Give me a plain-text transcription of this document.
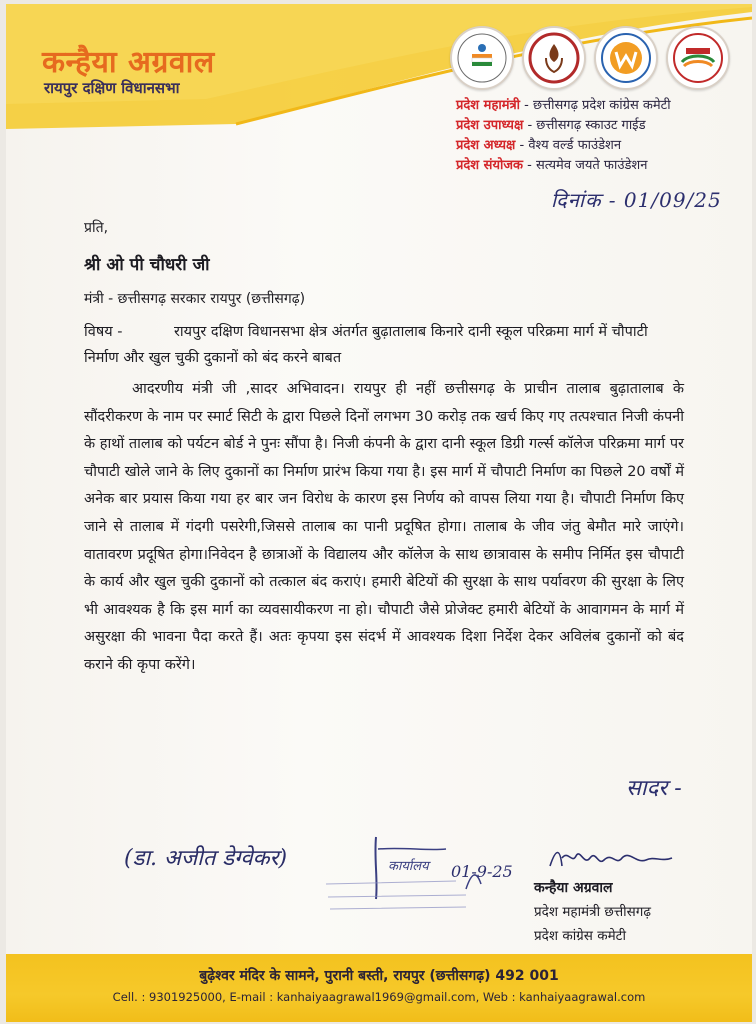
कन्हैया अग्रवाल
रायपुर दक्षिण विधानसभा
प्रदेश महामंत्री - छत्तीसगढ़ प्रदेश कांग्रेस कमेटी
प्रदेश उपाध्यक्ष - छत्तीसगढ़ स्काउट गाईड
प्रदेश अध्यक्ष - वैश्य वर्ल्ड फाउंडेशन
प्रदेश संयोजक - सत्यमेव जयते फाउंडेशन
दिनांक - 01/09/25
प्रति,
श्री ओ पी चौधरी जी
मंत्री - छत्तीसगढ़ सरकार रायपुर (छत्तीसगढ़)
विषय -	रायपुर दक्षिण विधानसभा क्षेत्र अंतर्गत बुढ़ातालाब किनारे दानी स्कूल परिक्रमा मार्ग में चौपाटी निर्माण और खुल चुकी दुकानों को बंद करने बाबत
आदरणीय मंत्री जी ,सादर अभिवादन। रायपुर ही नहीं छत्तीसगढ़ के प्राचीन तालाब बुढ़ातालाब के सौंदरीकरण के नाम पर स्मार्ट सिटी के द्वारा पिछले दिनों लगभग 30 करोड़ तक खर्च किए गए तत्पश्चात निजी कंपनी के हाथों तालाब को पर्यटन बोर्ड ने पुनः सौंपा है। निजी कंपनी के द्वारा दानी स्कूल डिग्री गर्ल्स कॉलेज परिक्रमा मार्ग पर चौपाटी खोले जाने के लिए दुकानों का निर्माण प्रारंभ किया गया है। इस मार्ग में चौपाटी निर्माण का पिछले 20 वर्षों में अनेक बार प्रयास किया गया हर बार जन विरोध के कारण इस निर्णय को वापस लिया गया है। चौपाटी निर्माण किए जाने से तालाब में गंदगी पसरेगी,जिससे तालाब का पानी प्रदूषित होगा। तालाब के जीव जंतु बेमौत मारे जाएंगे। वातावरण प्रदूषित होगा।निवेदन है छात्राओं के विद्यालय और कॉलेज के साथ छात्रावास के समीप निर्मित इस चौपाटी के कार्य और खुल चुकी दुकानों को तत्काल बंद कराएं। हमारी बेटियों की सुरक्षा के साथ पर्यावरण की सुरक्षा के लिए भी आवश्यक है कि इस मार्ग का व्यवसायीकरण ना हो। चौपाटी जैसे प्रोजेक्ट हमारी बेटियों के आवागमन के मार्ग में असुरक्षा की भावना पैदा करते हैं। अतः कृपया इस संदर्भ में आवश्यक दिशा निर्देश देकर अविलंब दुकानों को बंद कराने की कृपा करेंगे।
सादर -
(डा. अजीत डेग्वेकर)	कार्यालय 01-9-25
कन्हैया अग्रवाल
प्रदेश महामंत्री छत्तीसगढ़
प्रदेश कांग्रेस कमेटी
बुढ़ेश्वर मंदिर के सामने, पुरानी बस्ती, रायपुर (छत्तीसगढ़) 492 001
Cell. : 9301925000, E-mail : kanhaiyaagrawal1969@gmail.com, Web : kanhaiyaagrawal.com
